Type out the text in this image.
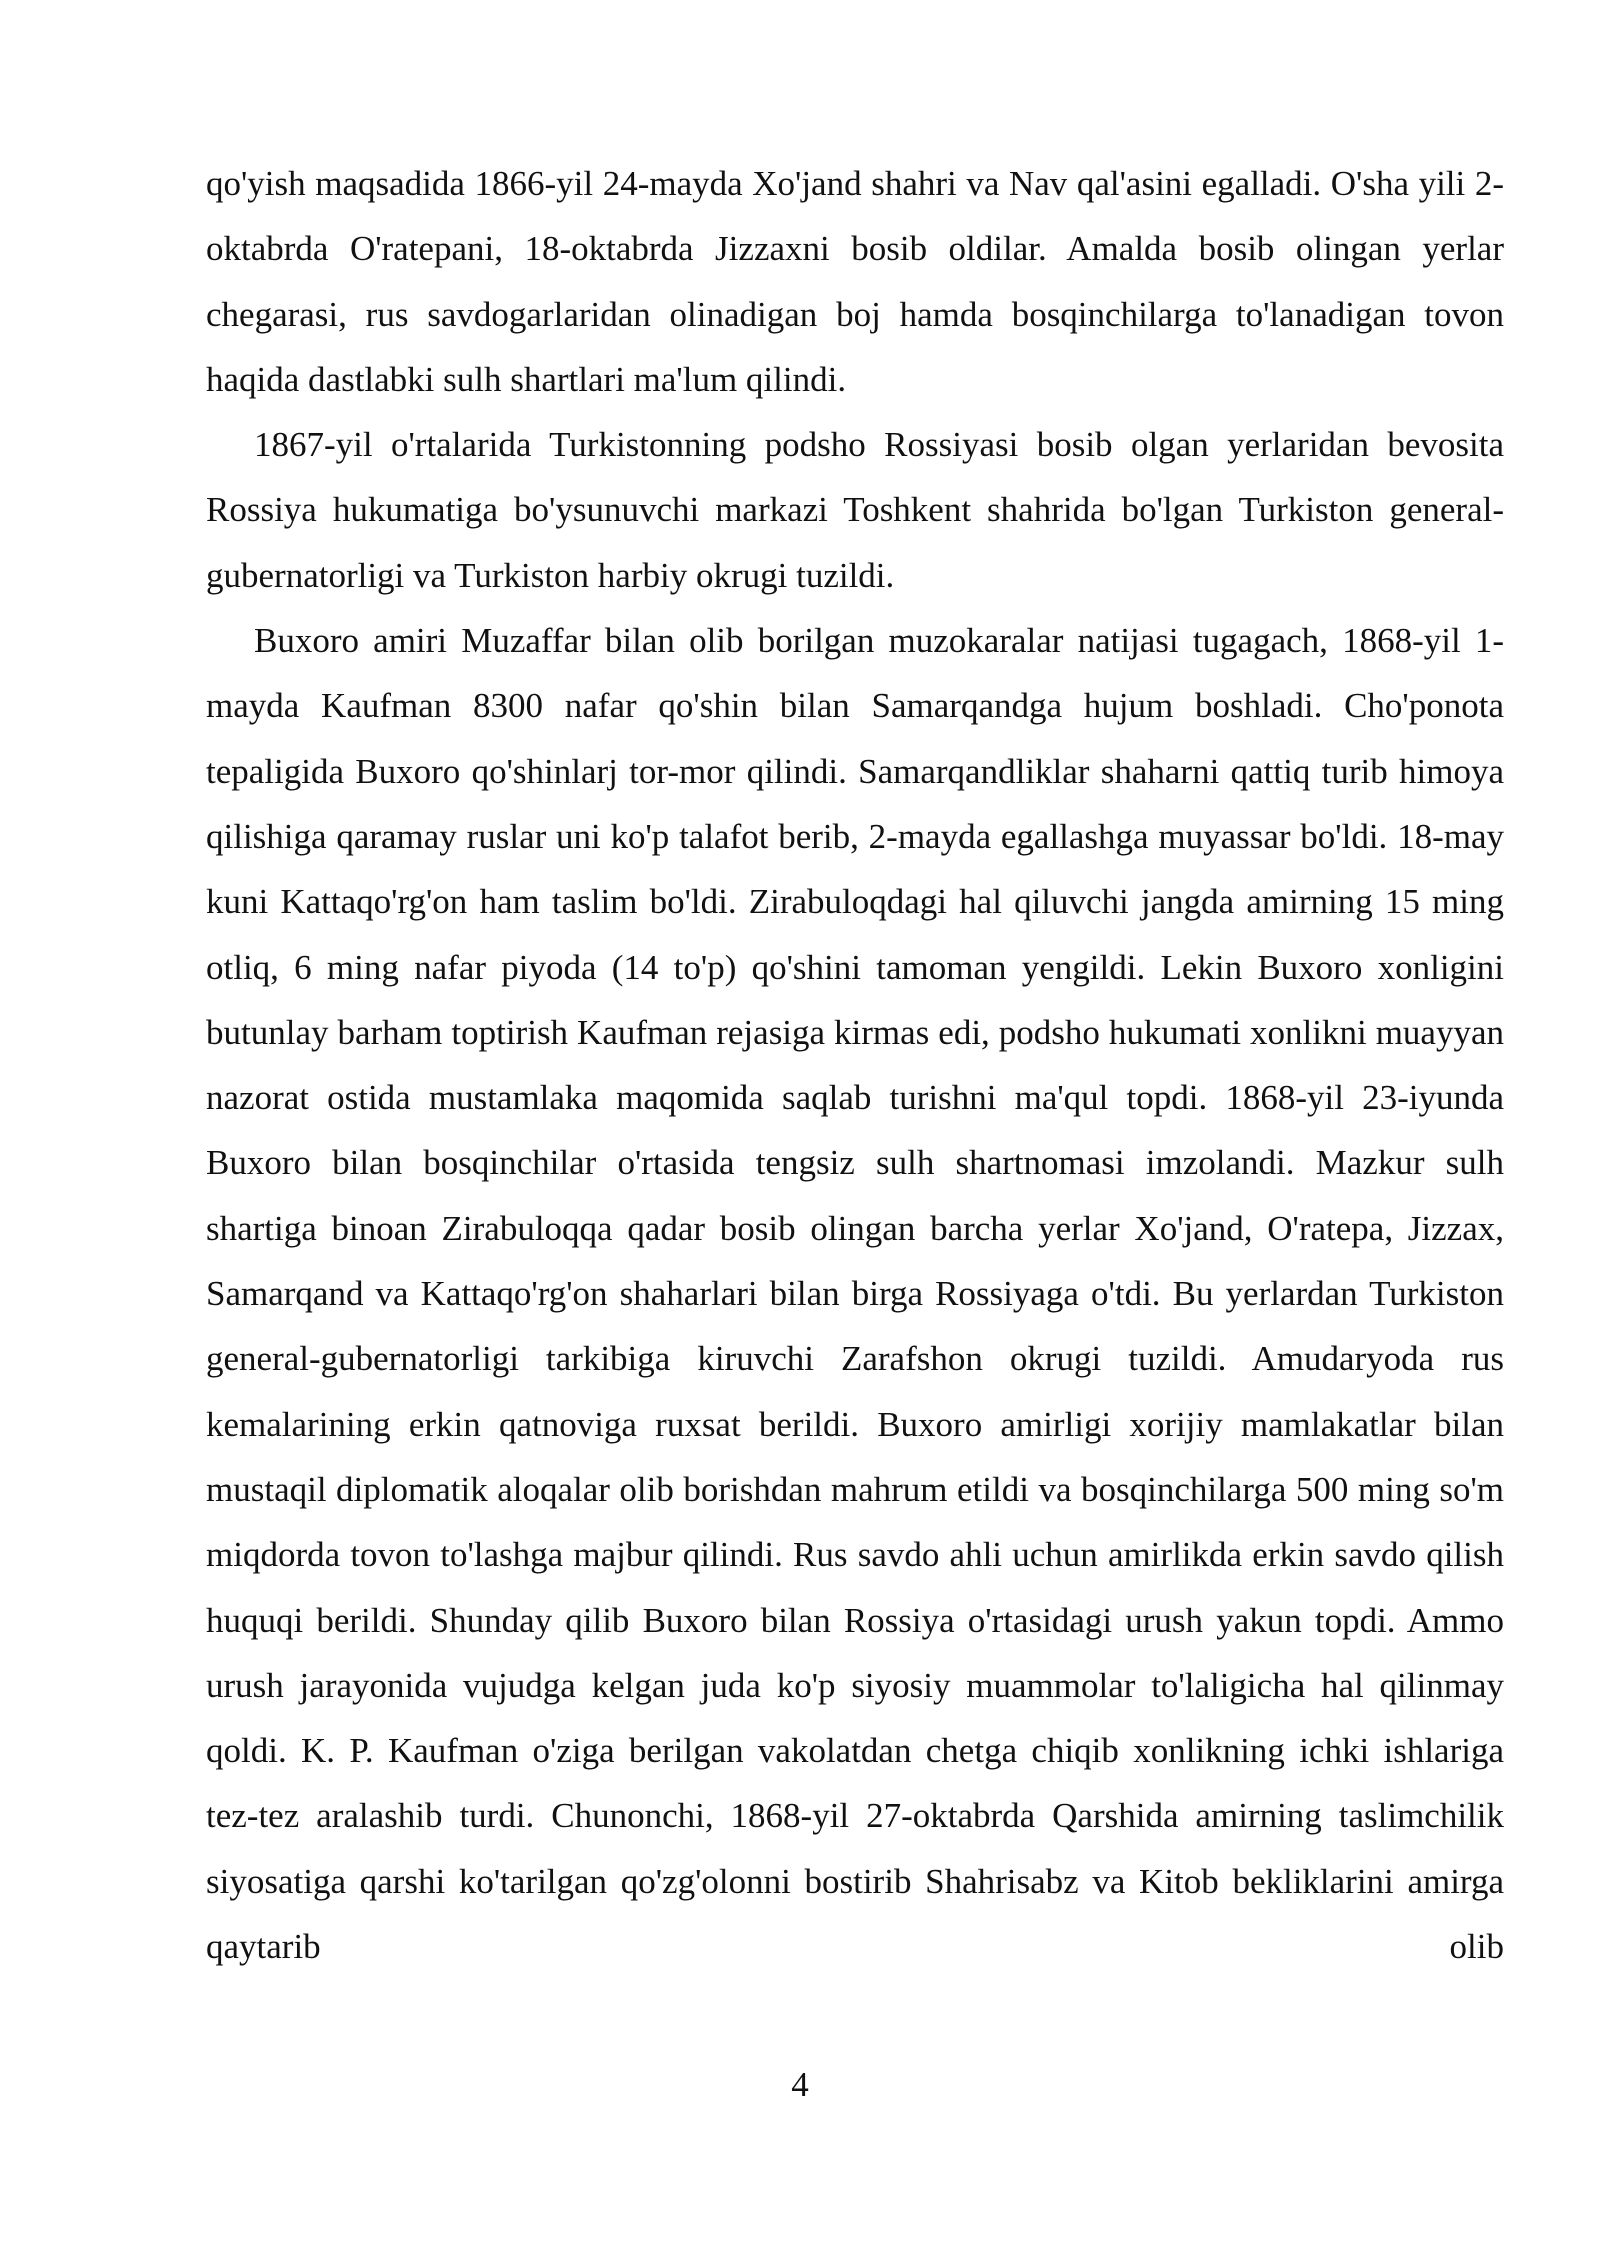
qo'yish maqsadida 1866-yil 24-mayda Xo'jand shahri va Nav qal'asini egalladi. O'sha yili 2-oktabrda O'ratepani, 18-oktabrda Jizzaxni bosib oldilar. Amalda bosib olingan yerlar chegarasi, rus savdogarlaridan olinadigan boj hamda bosqinchilarga to'lanadigan tovon haqida dastlabki sulh shartlari ma'lum qilindi.

1867-yil o'rtalarida Turkistonning podsho Rossiyasi bosib olgan yerlaridan bevosita Rossiya hukumatiga bo'ysunuvchi markazi Toshkent shahrida bo'lgan Turkiston general-gubernatorligi va Turkiston harbiy okrugi tuzildi.

Buxoro amiri Muzaffar bilan olib borilgan muzokaralar natijasi tugagach, 1868-yil 1-mayda Kaufman 8300 nafar qo'shin bilan Samarqandga hujum boshladi. Cho'ponota tepaligida Buxoro qo'shinlarj tor-mor qilindi. Samarqandliklar shaharni qattiq turib himoya qilishiga qaramay ruslar uni ko'p talafot berib, 2-mayda egallashga muyassar bo'ldi. 18-may kuni Kattaqo'rg'on ham taslim bo'ldi. Zirabuloqdagi hal qiluvchi jangda amirning 15 ming otliq, 6 ming nafar piyoda (14 to'p) qo'shini tamoman yengildi. Lekin Buxoro xonligini butunlay barham toptirish Kaufman rejasiga kirmas edi, podsho hukumati xonlikni muayyan nazorat ostida mustamlaka maqomida saqlab turishni ma'qul topdi. 1868-yil 23-iyunda Buxoro bilan bosqinchilar o'rtasida tengsiz sulh shartnomasi imzolandi. Mazkur sulh shartiga binoan Zirabuloqqa qadar bosib olingan barcha yerlar Xo'jand, O'ratepa, Jizzax, Samarqand va Kattaqo'rg'on shaharlari bilan birga Rossiyaga o'tdi. Bu yerlardan Turkiston general-gubernatorligi tarkibiga kiruvchi Zarafshon okrugi tuzildi. Amudaryoda rus kemalarining erkin qatnoviga ruxsat berildi. Buxoro amirligi xorijiy mamlakatlar bilan mustaqil diplomatik aloqalar olib borishdan mahrum etildi va bosqinchilarga 500 ming so'm miqdorda tovon to'lashga majbur qilindi. Rus savdo ahli uchun amirlikda erkin savdo qilish huquqi berildi. Shunday qilib Buxoro bilan Rossiya o'rtasidagi urush yakun topdi. Ammo urush jarayonida vujudga kelgan juda ko'p siyosiy muammolar to'laligicha hal qilinmay qoldi. K. P. Kaufman o'ziga berilgan vakolatdan chetga chiqib xonlikning ichki ishlariga tez-tez aralashib turdi. Chunonchi, 1868-yil 27-oktabrda Qarshida amirning taslimchilik siyosatiga qarshi ko'tarilgan qo'zg'olonni bostirib Shahrisabz va Kitob bekliklarini amirga qaytarib olib

4
